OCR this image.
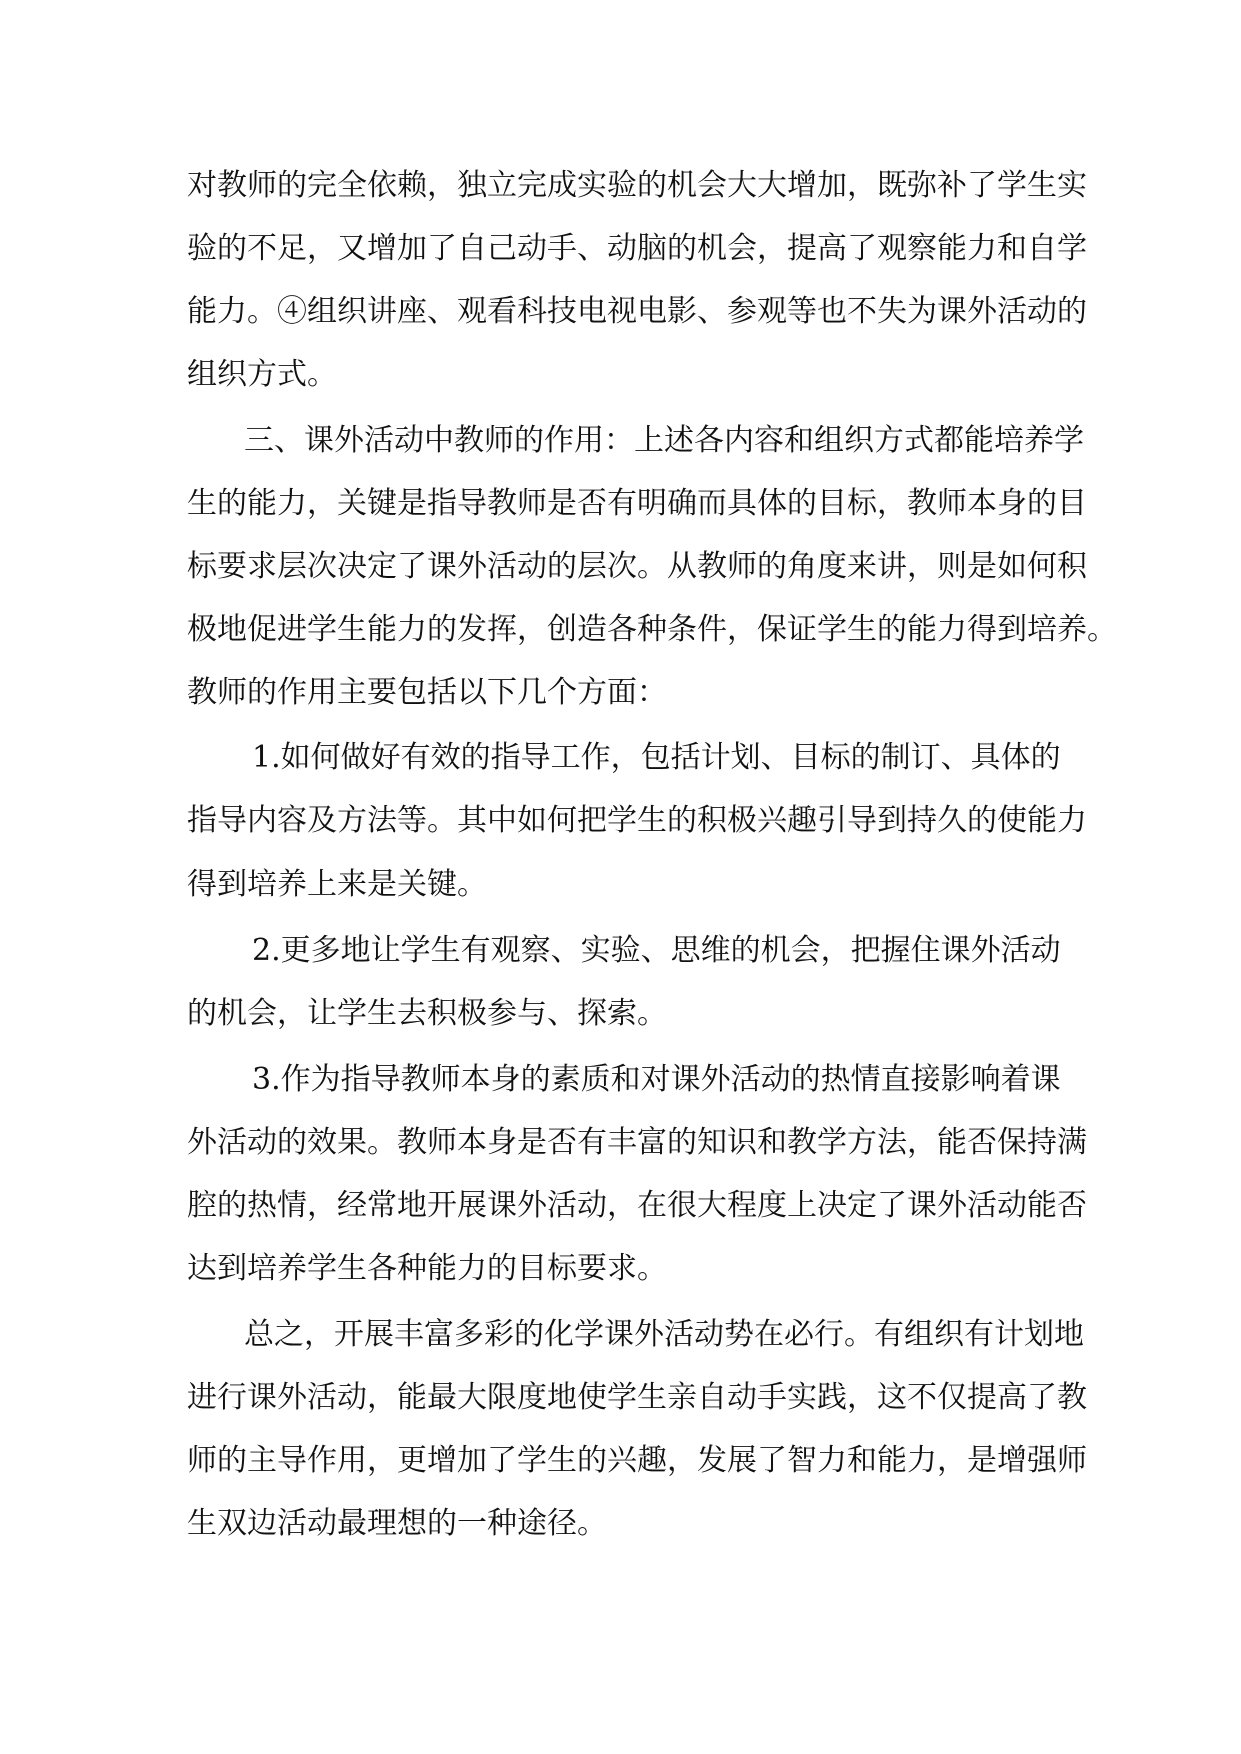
对教师的完全依赖，独立完成实验的机会大大增加，既弥补了学生实
验的不足，又增加了自己动手、动脑的机会，提高了观察能力和自学
能力。④组织讲座、观看科技电视电影、参观等也不失为课外活动的
组织方式。
三、课外活动中教师的作用：上述各内容和组织方式都能培养学
生的能力，关键是指导教师是否有明确而具体的目标，教师本身的目
标要求层次决定了课外活动的层次。从教师的角度来讲，则是如何积
极地促进学生能力的发挥，创造各种条件，保证学生的能力得到培养。
教师的作用主要包括以下几个方面：
1.如何做好有效的指导工作，包括计划、目标的制订、具体的
指导内容及方法等。其中如何把学生的积极兴趣引导到持久的使能力
得到培养上来是关键。
2.更多地让学生有观察、实验、思维的机会，把握住课外活动
的机会，让学生去积极参与、探索。
3.作为指导教师本身的素质和对课外活动的热情直接影响着课
外活动的效果。教师本身是否有丰富的知识和教学方法，能否保持满
腔的热情，经常地开展课外活动，在很大程度上决定了课外活动能否
达到培养学生各种能力的目标要求。
总之，开展丰富多彩的化学课外活动势在必行。有组织有计划地
进行课外活动，能最大限度地使学生亲自动手实践，这不仅提高了教
师的主导作用，更增加了学生的兴趣，发展了智力和能力，是增强师
生双边活动最理想的一种途径。
